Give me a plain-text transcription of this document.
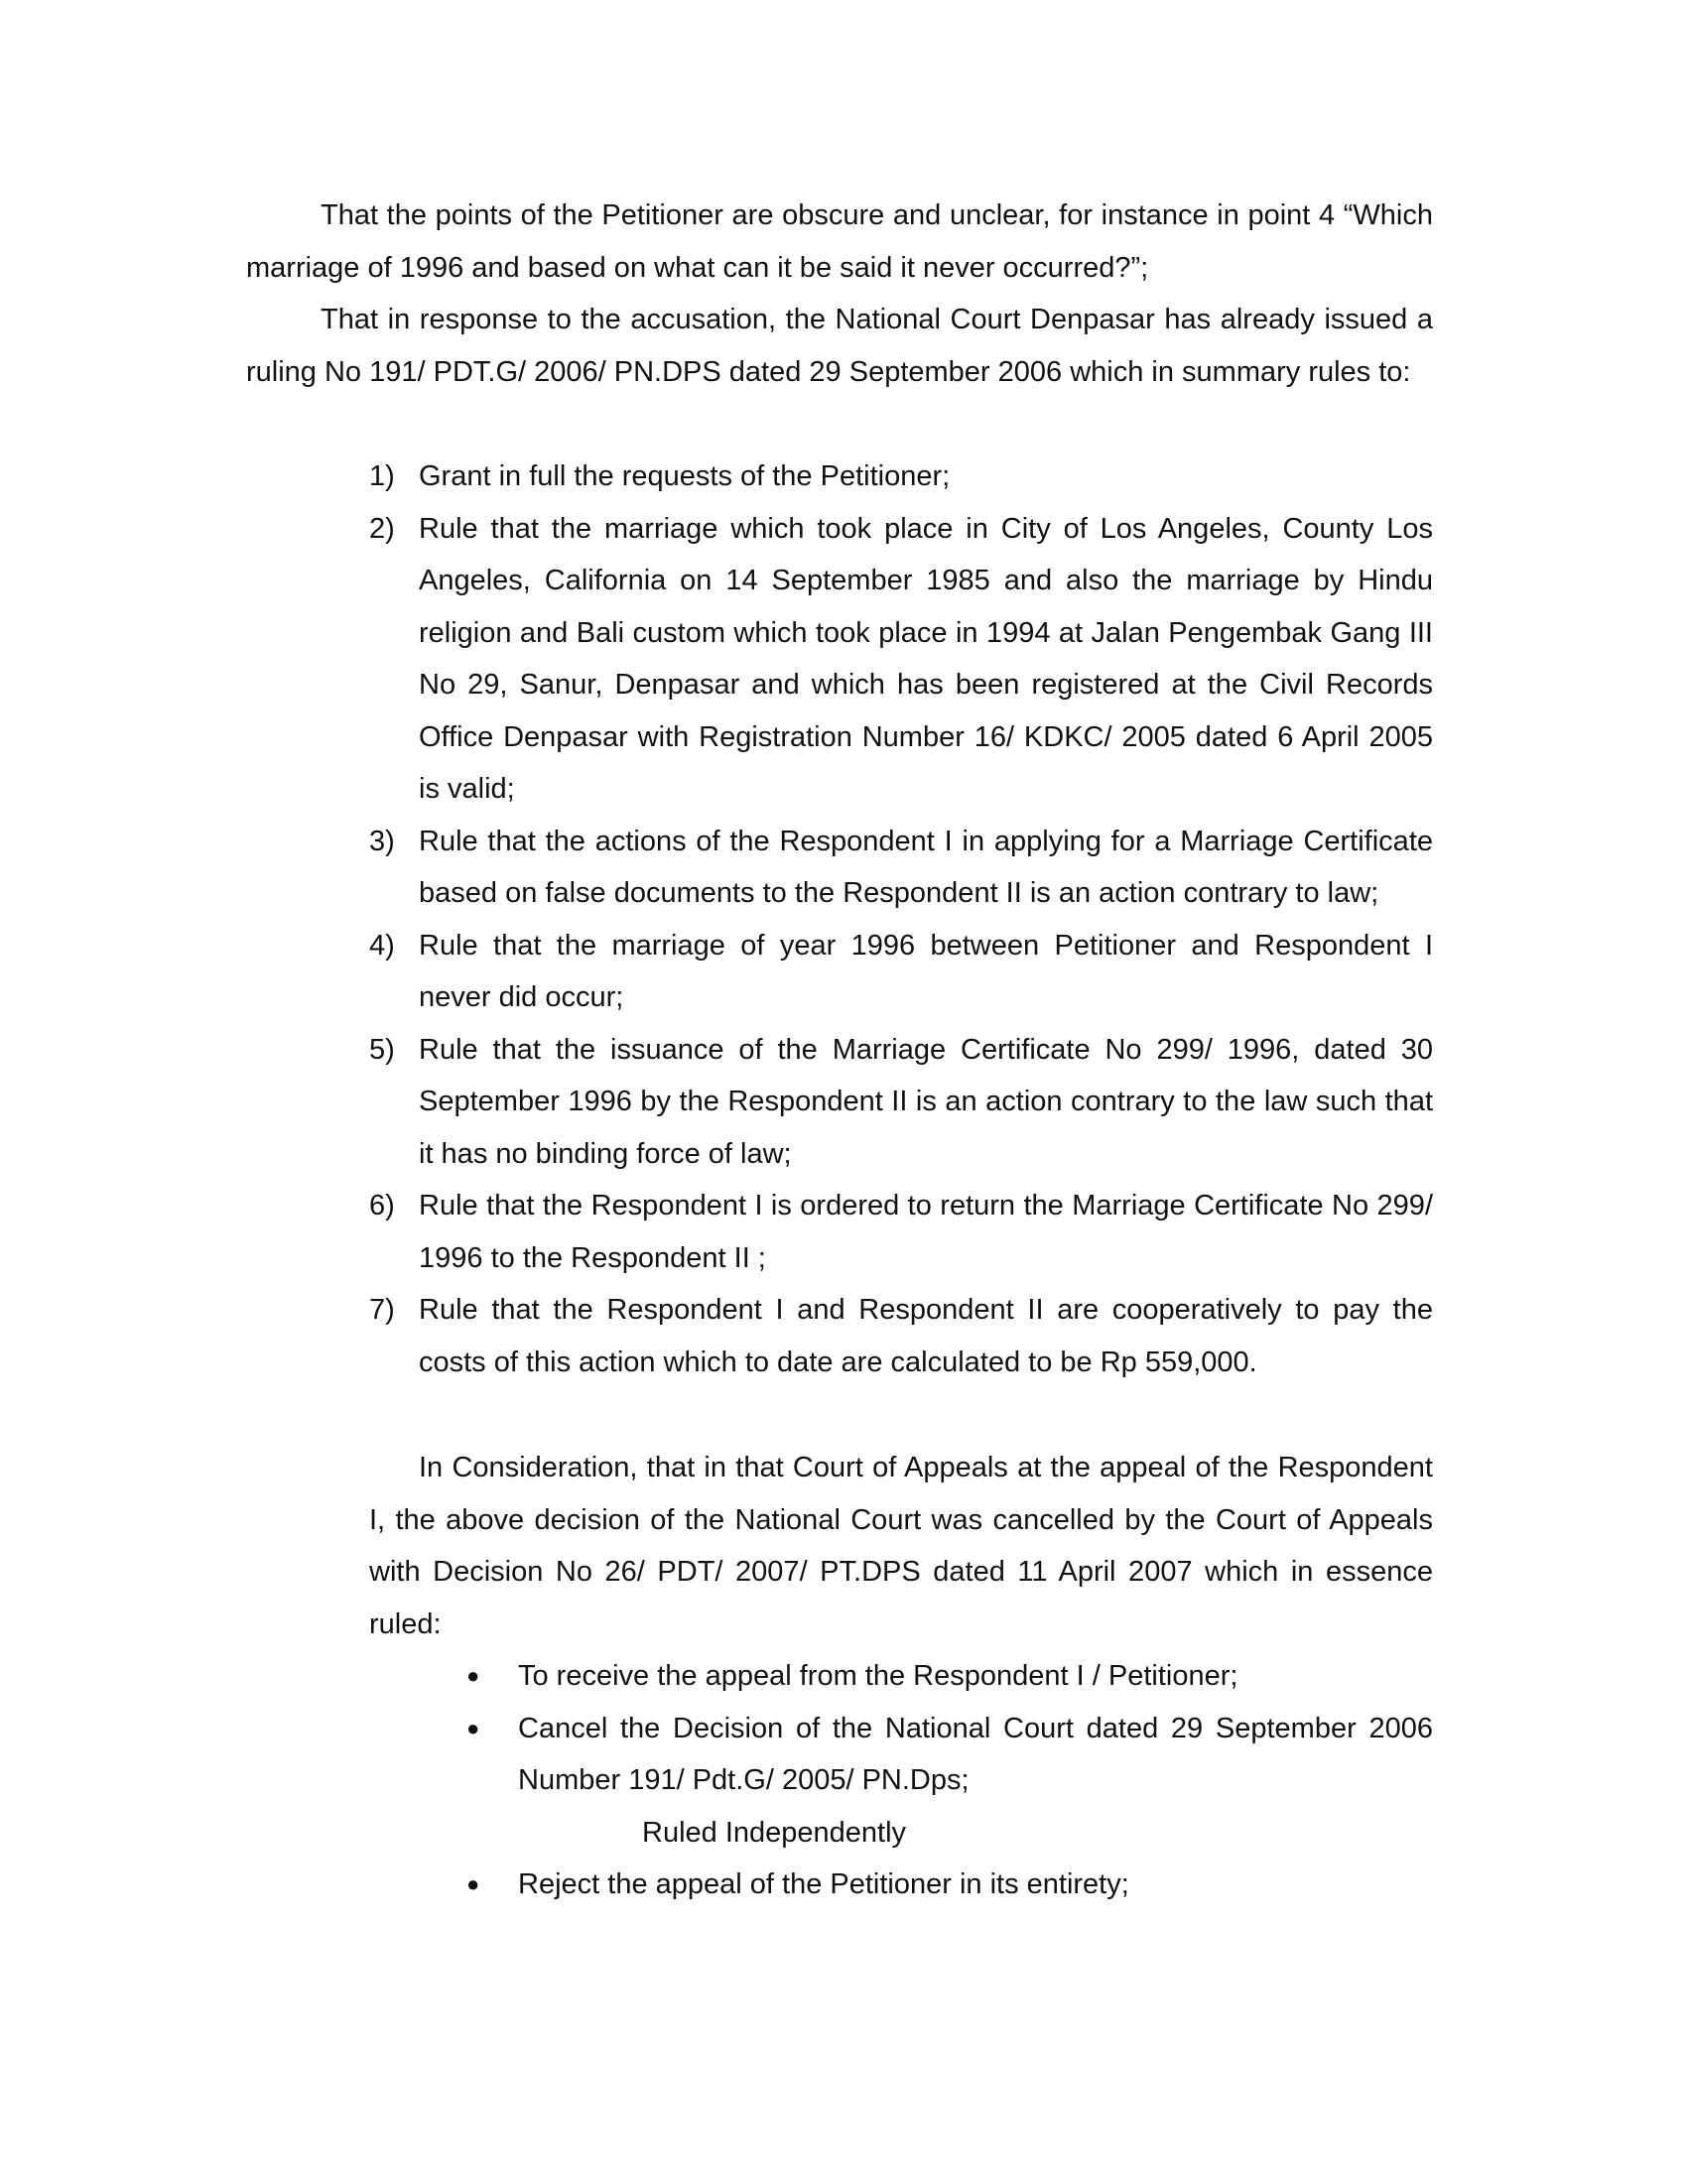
That the points of the Petitioner are obscure and unclear, for instance in point 4 “Which marriage of 1996 and based on what can it be said it never occurred?”;

That in response to the accusation, the National Court Denpasar has already issued a ruling No 191/ PDT.G/ 2006/ PN.DPS dated 29 September 2006 which in summary rules to:

1) Grant in full the requests of the Petitioner;
2) Rule that the marriage which took place in City of Los Angeles, County Los Angeles, California on 14 September 1985 and also the marriage by Hindu religion and Bali custom which took place in 1994 at Jalan Pengembak Gang III No 29, Sanur, Denpasar and which has been registered at the Civil Records Office Denpasar with Registration Number 16/ KDKC/ 2005 dated 6 April 2005 is valid;
3) Rule that the actions of the Respondent I in applying for a Marriage Certificate based on false documents to the Respondent II is an action contrary to law;
4) Rule that the marriage of year 1996 between Petitioner and Respondent I never did occur;
5) Rule that the issuance of the Marriage Certificate No 299/ 1996, dated 30 September 1996 by the Respondent II is an action contrary to the law such that it has no binding force of law;
6) Rule that the Respondent I is ordered to return the Marriage Certificate No 299/ 1996 to the Respondent II ;
7) Rule that the Respondent I and Respondent II are cooperatively to pay the costs of this action which to date are calculated to be Rp 559,000.

In Consideration, that in that Court of Appeals at the appeal of the Respondent I, the above decision of the National Court was cancelled by the Court of Appeals with Decision No 26/ PDT/ 2007/ PT.DPS dated 11 April 2007 which in essence ruled:

● To receive the appeal from the Respondent I / Petitioner;
● Cancel the Decision of the National Court dated 29 September 2006 Number 191/ Pdt.G/ 2005/ PN.Dps;
Ruled Independently
● Reject the appeal of the Petitioner in its entirety;
